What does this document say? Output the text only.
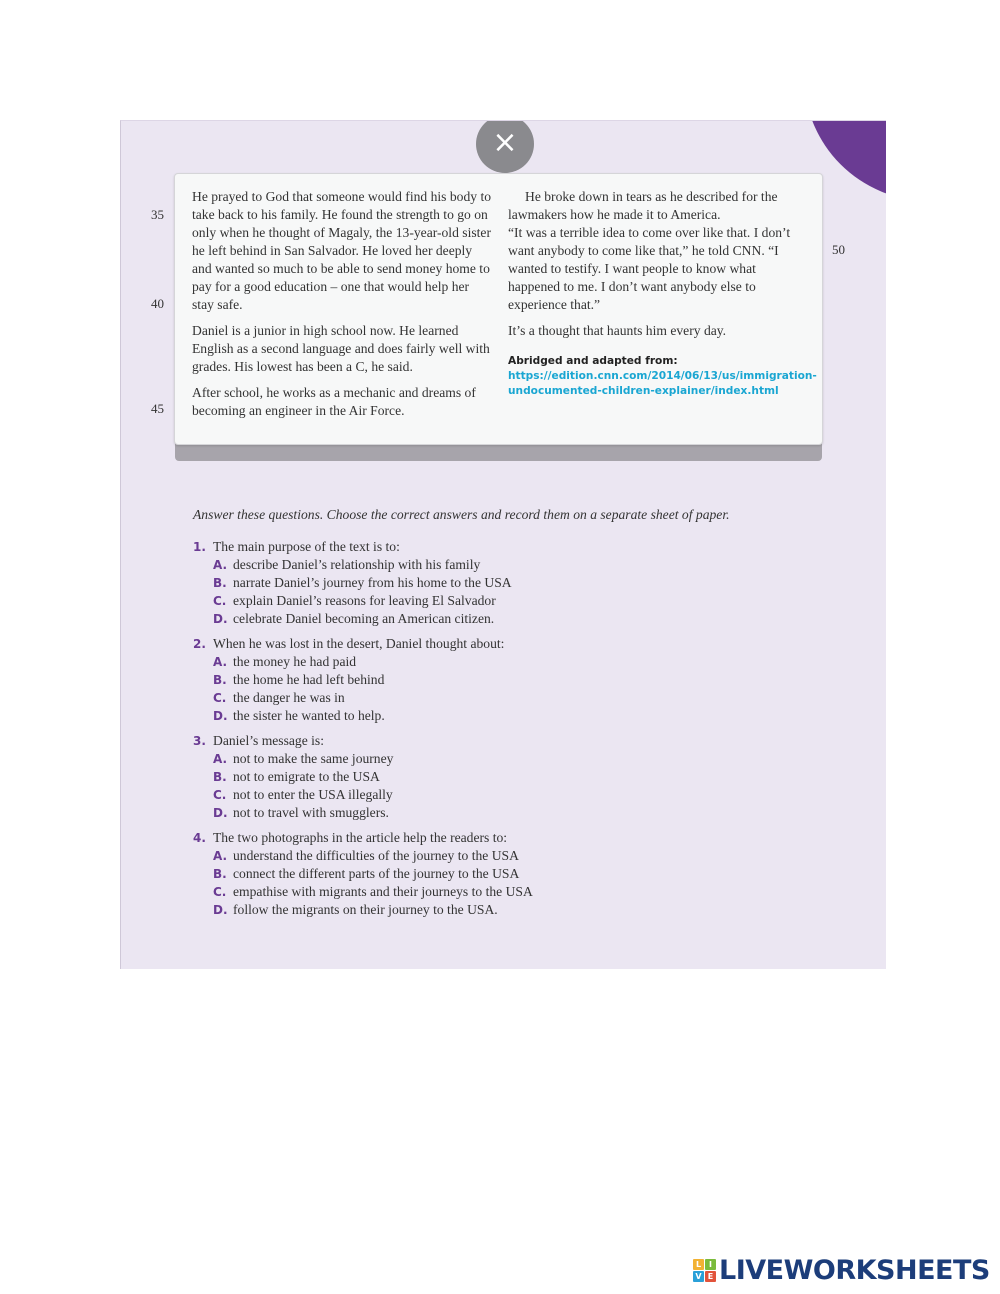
×
35
40
45
50

He prayed to God that someone would find his body to take back to his family. He found the strength to go on only when he thought of Magaly, the 13-year-old sister he left behind in San Salvador. He loved her deeply and wanted so much to be able to send money home to pay for a good education – one that would help her stay safe.

Daniel is a junior in high school now. He learned English as a second language and does fairly well with grades. His lowest has been a C, he said.

After school, he works as a mechanic and dreams of becoming an engineer in the Air Force.

He broke down in tears as he described for the lawmakers how he made it to America.

“It was a terrible idea to come over like that. I don’t want anybody to come like that,” he told CNN. “I wanted to testify. I want people to know what happened to me. I don’t want anybody else to experience that.”

It’s a thought that haunts him every day.

Abridged and adapted from: https://edition.cnn.com/2014/06/13/us/immigration-undocumented-children-explainer/index.html
Answer these questions. Choose the correct answers and record them on a separate sheet of paper.
1. The main purpose of the text is to:
A. describe Daniel’s relationship with his family
B. narrate Daniel’s journey from his home to the USA
C. explain Daniel’s reasons for leaving El Salvador
D. celebrate Daniel becoming an American citizen.
2. When he was lost in the desert, Daniel thought about:
A. the money he had paid
B. the home he had left behind
C. the danger he was in
D. the sister he wanted to help.
3. Daniel’s message is:
A. not to make the same journey
B. not to emigrate to the USA
C. not to enter the USA illegally
D. not to travel with smugglers.
4. The two photographs in the article help the readers to:
A. understand the difficulties of the journey to the USA
B. connect the different parts of the journey to the USA
C. empathise with migrants and their journeys to the USA
D. follow the migrants on their journey to the USA.
L I
V E LIVEWORKSHEETS
